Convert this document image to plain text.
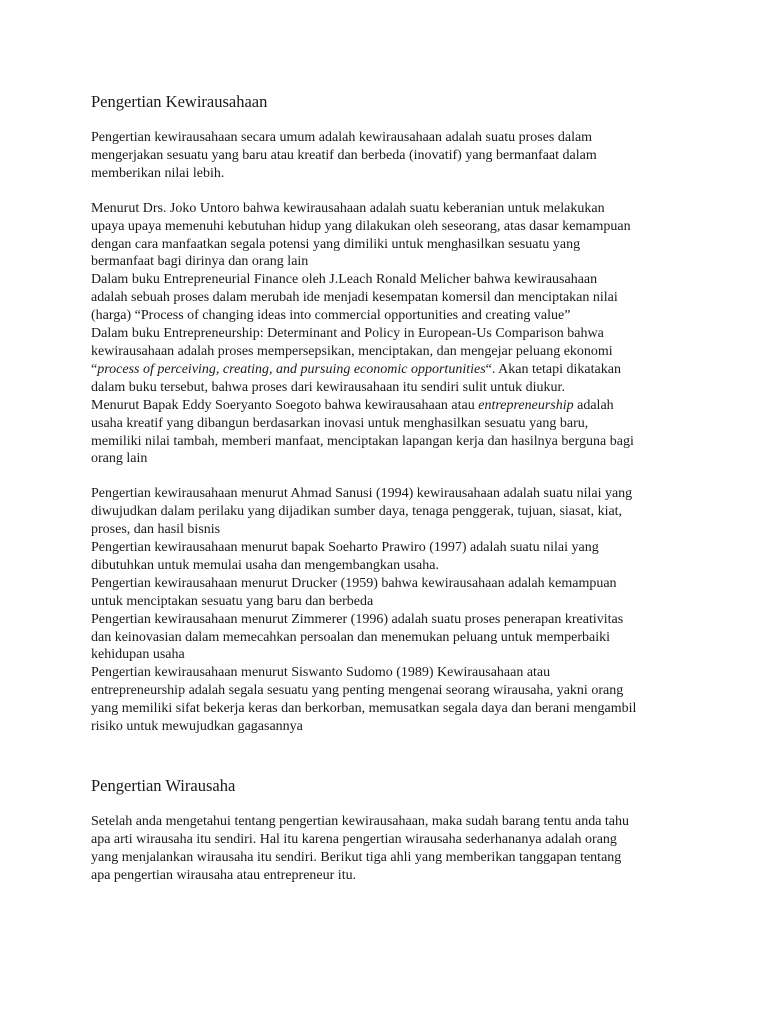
Pengertian Kewirausahaan

Pengertian kewirausahaan secara umum adalah kewirausahaan adalah suatu proses dalam
mengerjakan sesuatu yang baru atau kreatif dan berbeda (inovatif) yang bermanfaat dalam
memberikan nilai lebih.

Menurut Drs. Joko Untoro bahwa kewirausahaan adalah suatu keberanian untuk melakukan
upaya upaya memenuhi kebutuhan hidup yang dilakukan oleh seseorang, atas dasar kemampuan
dengan cara manfaatkan segala potensi yang dimiliki untuk menghasilkan sesuatu yang
bermanfaat bagi dirinya dan orang lain
Dalam buku Entrepreneurial Finance oleh J.Leach Ronald Melicher bahwa kewirausahaan
adalah sebuah proses dalam merubah ide menjadi kesempatan komersil dan menciptakan nilai
(harga) “Process of changing ideas into commercial opportunities and creating value”
Dalam buku Entrepreneurship: Determinant and Policy in European-Us Comparison bahwa
kewirausahaan adalah proses mempersepsikan, menciptakan, dan mengejar peluang ekonomi
“process of perceiving, creating, and pursuing economic opportunities“. Akan tetapi dikatakan
dalam buku tersebut, bahwa proses dari kewirausahaan itu sendiri sulit untuk diukur.
Menurut Bapak Eddy Soeryanto Soegoto bahwa kewirausahaan atau entrepreneurship adalah
usaha kreatif yang dibangun berdasarkan inovasi untuk menghasilkan sesuatu yang baru,
memiliki nilai tambah, memberi manfaat, menciptakan lapangan kerja dan hasilnya berguna bagi
orang lain

Pengertian kewirausahaan menurut Ahmad Sanusi (1994) kewirausahaan adalah suatu nilai yang
diwujudkan dalam perilaku yang dijadikan sumber daya, tenaga penggerak, tujuan, siasat, kiat,
proses, dan hasil bisnis
Pengertian kewirausahaan menurut bapak Soeharto Prawiro (1997) adalah suatu nilai yang
dibutuhkan untuk memulai usaha dan mengembangkan usaha.
Pengertian kewirausahaan menurut Drucker (1959) bahwa kewirausahaan adalah kemampuan
untuk menciptakan sesuatu yang baru dan berbeda
Pengertian kewirausahaan menurut Zimmerer (1996) adalah suatu proses penerapan kreativitas
dan keinovasian dalam memecahkan persoalan dan menemukan peluang untuk memperbaiki
kehidupan usaha
Pengertian kewirausahaan menurut Siswanto Sudomo (1989) Kewirausahaan atau
entrepreneurship adalah segala sesuatu yang penting mengenai seorang wirausaha, yakni orang
yang memiliki sifat bekerja keras dan berkorban, memusatkan segala daya dan berani mengambil
risiko untuk mewujudkan gagasannya

Pengertian Wirausaha

Setelah anda mengetahui tentang pengertian kewirausahaan, maka sudah barang tentu anda tahu
apa arti wirausaha itu sendiri. Hal itu karena pengertian wirausaha sederhananya adalah orang
yang menjalankan wirausaha itu sendiri. Berikut tiga ahli yang memberikan tanggapan tentang
apa pengertian wirausaha atau entrepreneur itu.
